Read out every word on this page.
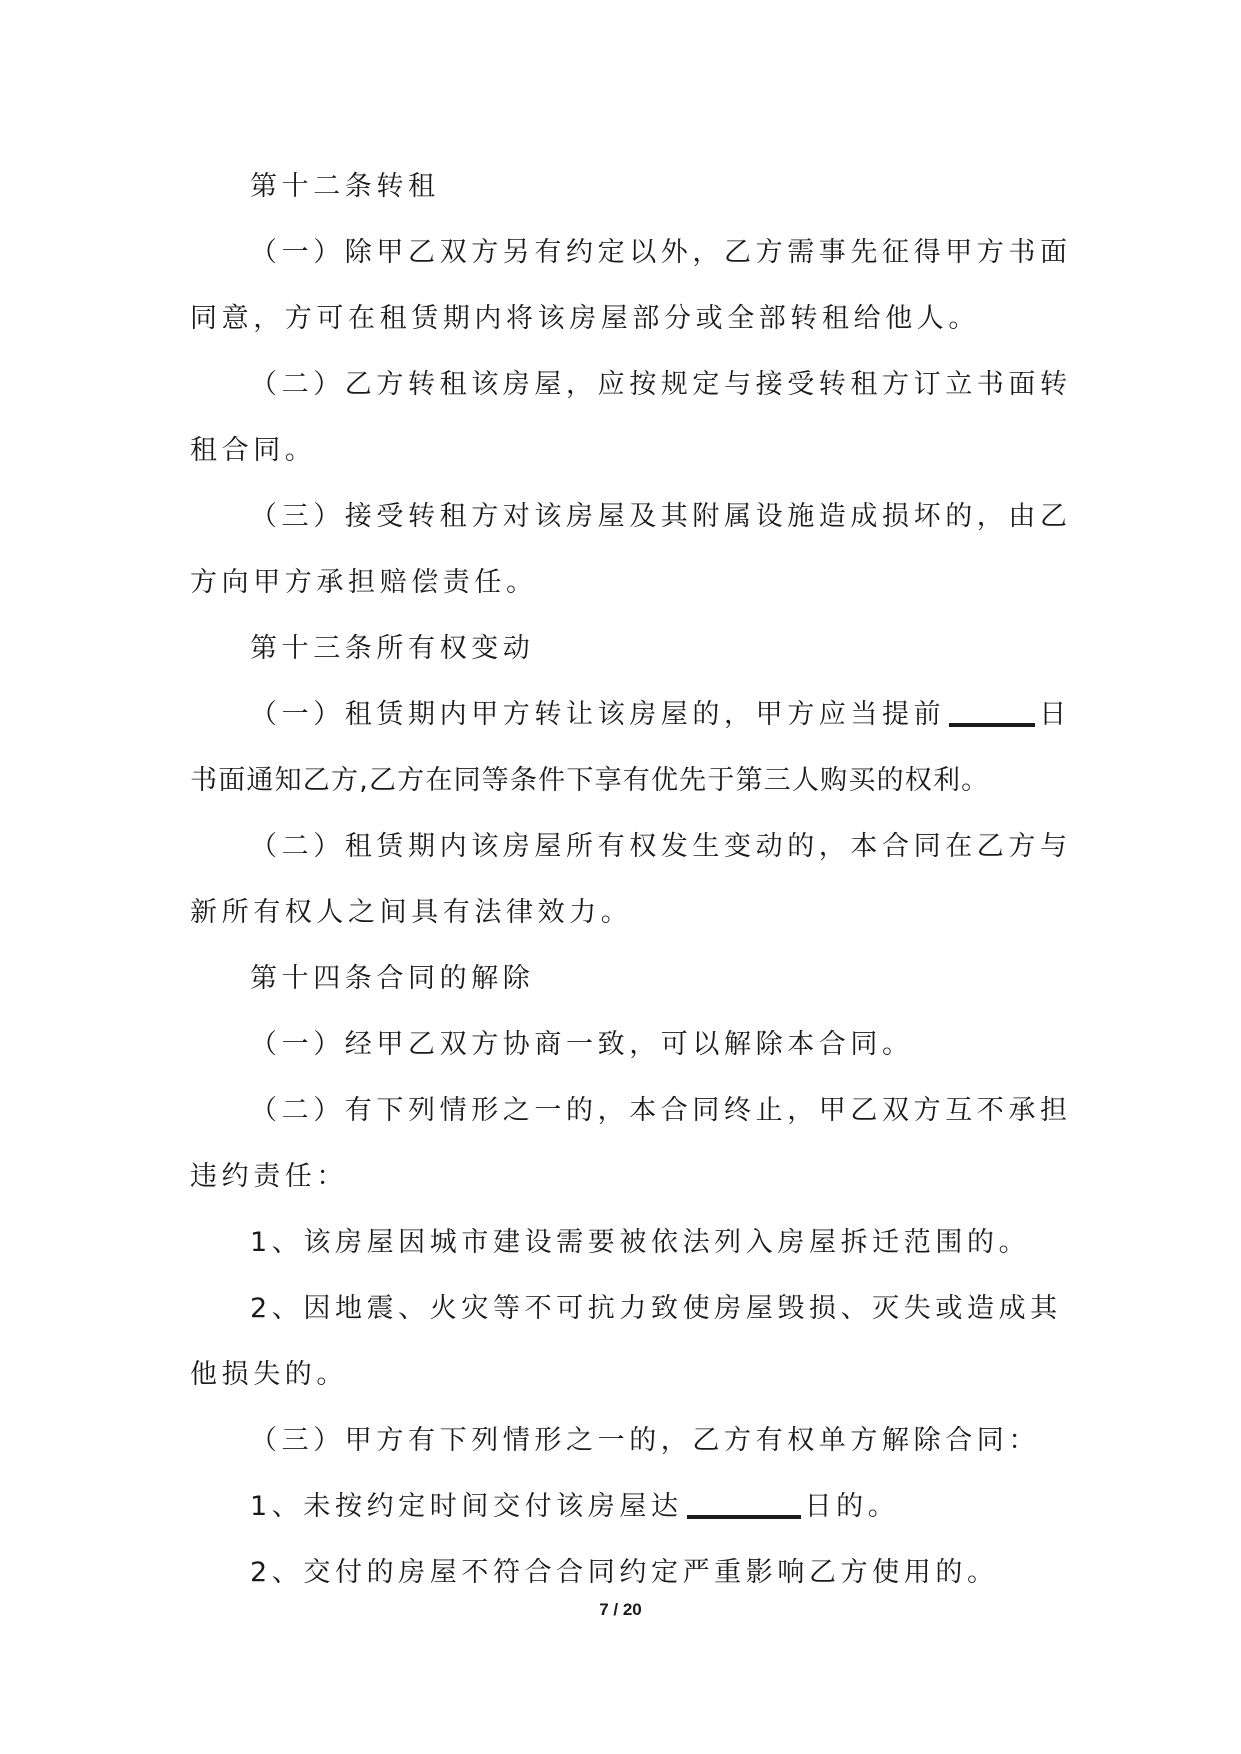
第十二条转租
（一）除甲乙双方另有约定以外，乙方需事先征得甲方书面
同意，方可在租赁期内将该房屋部分或全部转租给他人。
（二）乙方转租该房屋，应按规定与接受转租方订立书面转
租合同。
（三）接受转租方对该房屋及其附属设施造成损坏的，由乙
方向甲方承担赔偿责任。
第十三条所有权变动
（一）租赁期内甲方转让该房屋的，甲方应当提前	日
书面通知乙方,乙方在同等条件下享有优先于第三人购买的权利。
（二）租赁期内该房屋所有权发生变动的，本合同在乙方与
新所有权人之间具有法律效力。
第十四条合同的解除
（一）经甲乙双方协商一致，可以解除本合同。
（二）有下列情形之一的，本合同终止，甲乙双方互不承担
违约责任：
1、该房屋因城市建设需要被依法列入房屋拆迁范围的。
2、因地震、火灾等不可抗力致使房屋毁损、灭失或造成其
他损失的。
（三）甲方有下列情形之一的，乙方有权单方解除合同：
1、未按约定时间交付该房屋达	日的。
2、交付的房屋不符合合同约定严重影响乙方使用的。
7 / 20
